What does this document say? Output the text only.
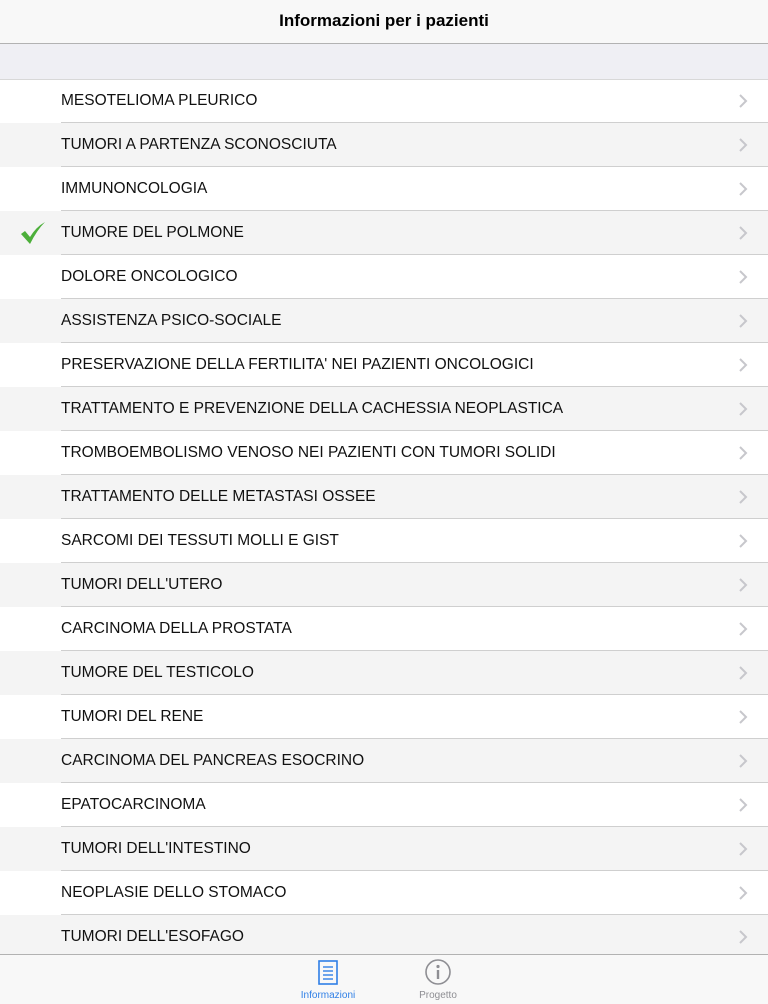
Informazioni per i pazienti
MESOTELIOMA PLEURICO
TUMORI A PARTENZA SCONOSCIUTA
IMMUNONCOLOGIA
TUMORE DEL POLMONE
DOLORE ONCOLOGICO
ASSISTENZA PSICO-SOCIALE
PRESERVAZIONE DELLA FERTILITA' NEI PAZIENTI ONCOLOGICI
TRATTAMENTO E PREVENZIONE DELLA CACHESSIA NEOPLASTICA
TROMBOEMBOLISMO VENOSO NEI PAZIENTI CON TUMORI SOLIDI
TRATTAMENTO DELLE METASTASI OSSEE
SARCOMI DEI TESSUTI MOLLI E GIST
TUMORI DELL'UTERO
CARCINOMA DELLA PROSTATA
TUMORE DEL TESTICOLO
TUMORI DEL RENE
CARCINOMA DEL PANCREAS ESOCRINO
EPATOCARCINOMA
TUMORI DELL'INTESTINO
NEOPLASIE DELLO STOMACO
TUMORI DELL'ESOFAGO
Informazioni	Progetto
